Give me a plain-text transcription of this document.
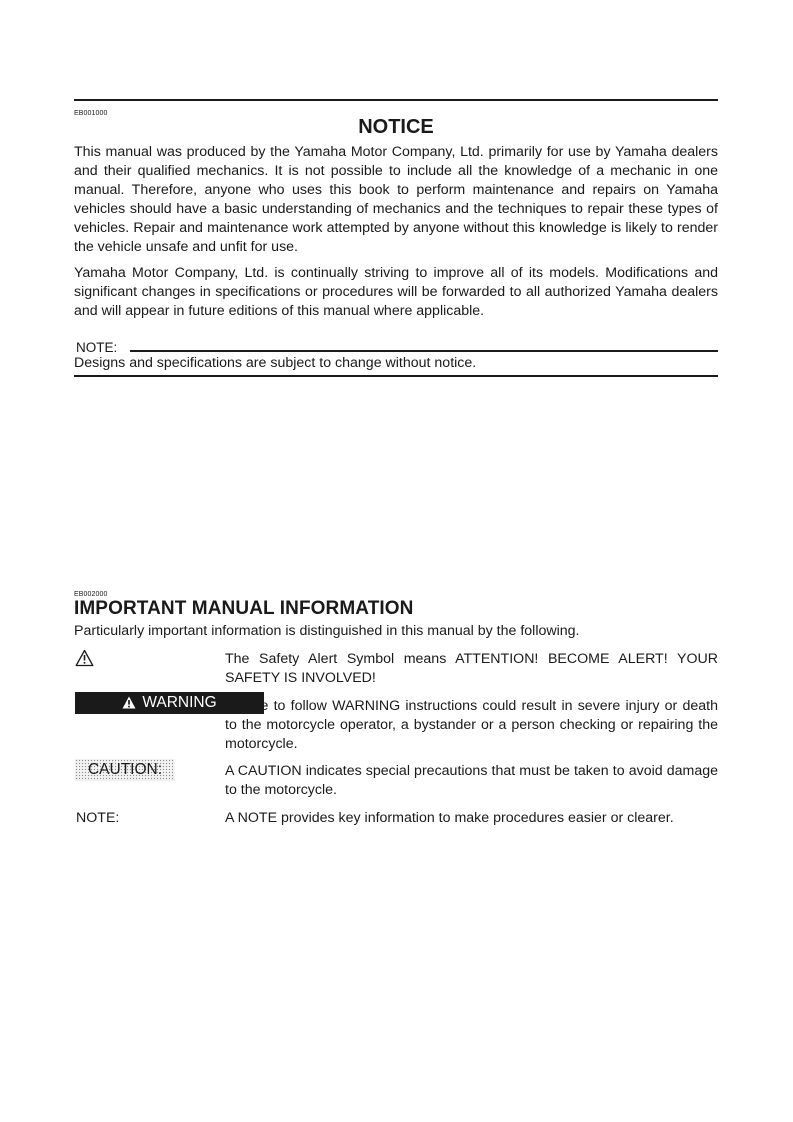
EB001000
NOTICE

This manual was produced by the Yamaha Motor Company, Ltd. primarily for use by Yamaha dealers and their qualified mechanics. It is not possible to include all the knowledge of a mechanic in one manual. Therefore, anyone who uses this book to perform maintenance and repairs on Yamaha vehicles should have a basic understanding of mechanics and the techniques to repair these types of vehicles. Repair and maintenance work attempted by anyone without this knowledge is likely to render the vehicle unsafe and unfit for use.

Yamaha Motor Company, Ltd. is continually striving to improve all of its models. Modifications and significant changes in specifications or procedures will be forwarded to all authorized Yamaha dealers and will appear in future editions of this manual where applicable.

NOTE:
Designs and specifications are subject to change without notice.
EB002000
IMPORTANT MANUAL INFORMATION
Particularly important information is distinguished in this manual by the following.

The Safety Alert Symbol means ATTENTION! BECOME ALERT! YOUR SAFETY IS INVOLVED!

WARNING Failure to follow WARNING instructions could result in severe injury or death to the motorcycle operator, a bystander or a person checking or repairing the motorcycle.

CAUTION:	A CAUTION indicates special precautions that must be taken to avoid damage to the motorcycle.

NOTE:	A NOTE provides key information to make procedures easier or clearer.
